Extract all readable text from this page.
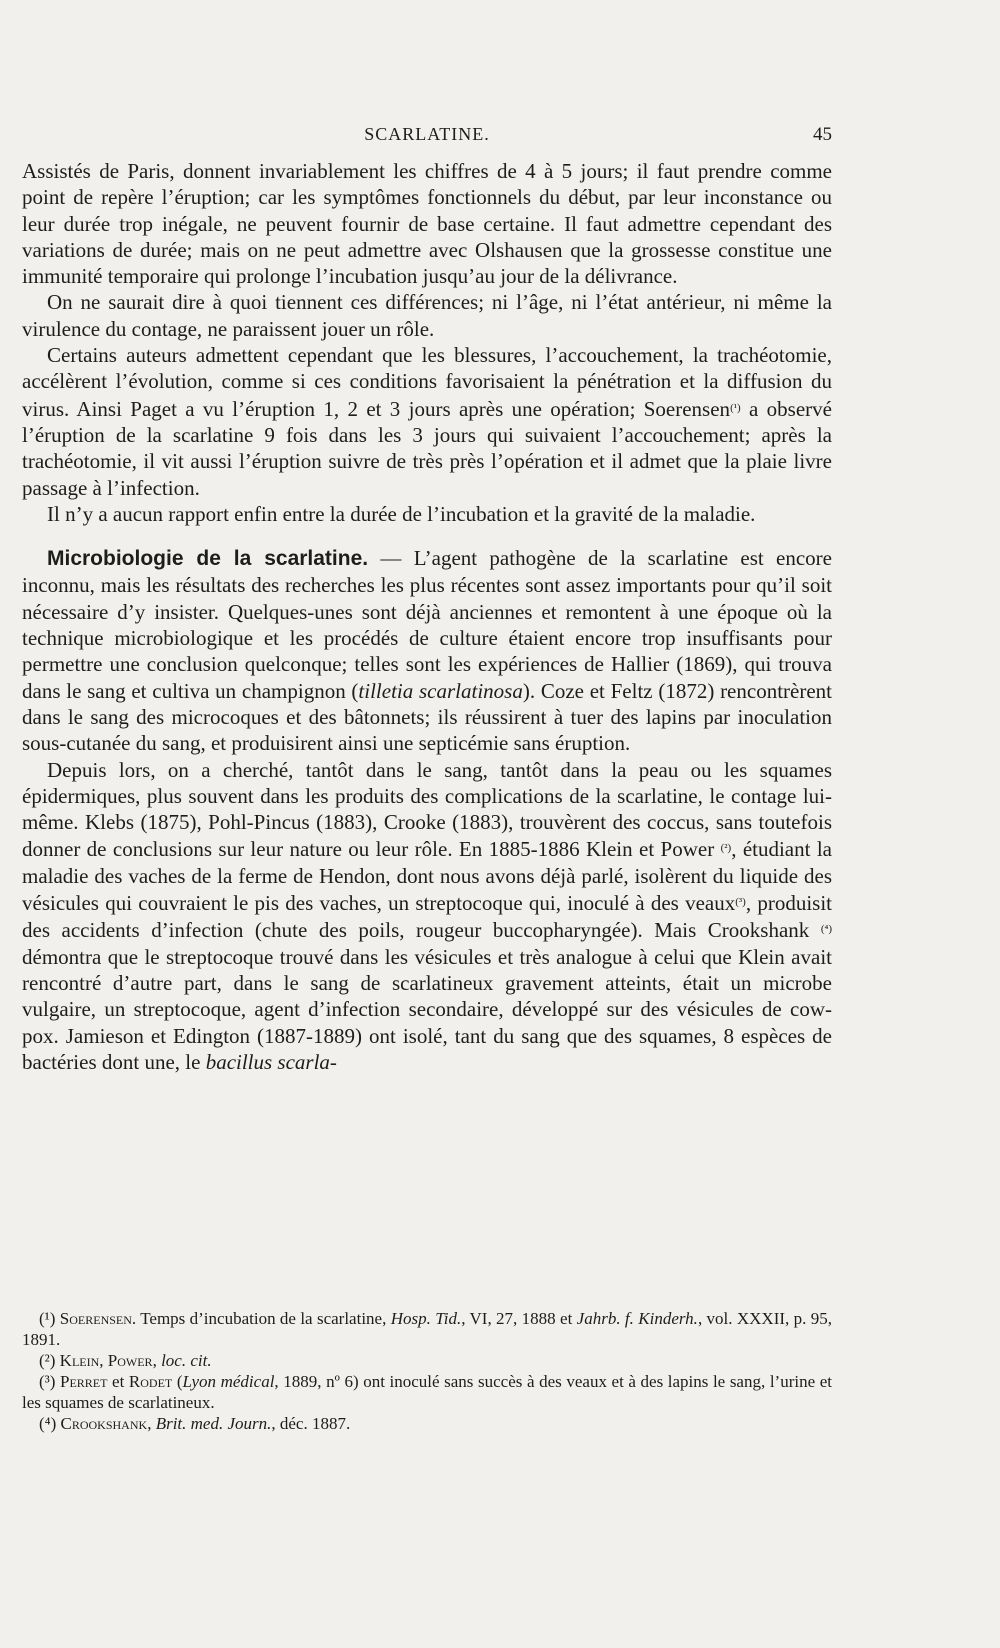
SCARLATINE.	45

Assistés de Paris, donnent invariablement les chiffres de 4 à 5 jours; il faut prendre comme point de repère l’éruption; car les symptômes fonctionnels du début, par leur inconstance ou leur durée trop inégale, ne peuvent fournir de base certaine. Il faut admettre cependant des variations de durée; mais on ne peut admettre avec Olshausen que la grossesse constitue une immunité temporaire qui prolonge l’incubation jusqu’au jour de la délivrance.

On ne saurait dire à quoi tiennent ces différences; ni l’âge, ni l’état antérieur, ni même la virulence du contage, ne paraissent jouer un rôle.

Certains auteurs admettent cependant que les blessures, l’accouchement, la trachéotomie, accélèrent l’évolution, comme si ces conditions favorisaient la pénétration et la diffusion du virus. Ainsi Paget a vu l’éruption 1, 2 et 3 jours après une opération; Soerensen$^{(^1)}$ a observé l’éruption de la scarlatine 9 fois dans les 3 jours qui suivaient l’accouchement; après la trachéotomie, il vit aussi l’éruption suivre de très près l’opération et il admet que la plaie livre passage à l’infection.

Il n’y a aucun rapport enfin entre la durée de l’incubation et la gravité de la maladie.

Microbiologie de la scarlatine. — L’agent pathogène de la scarlatine est encore inconnu, mais les résultats des recherches les plus récentes sont assez importants pour qu’il soit nécessaire d’y insister. Quelques-unes sont déjà anciennes et remontent à une époque où la technique microbiologique et les procédés de culture étaient encore trop insuffisants pour permettre une conclusion quelconque; telles sont les expériences de Hallier (1869), qui trouva dans le sang et cultiva un champignon (tilletia scarlatinosa). Coze et Feltz (1872) rencontrèrent dans le sang des microcoques et des bâtonnets; ils réussirent à tuer des lapins par inoculation sous-cutanée du sang, et produisirent ainsi une septicémie sans éruption.

Depuis lors, on a cherché, tantôt dans le sang, tantôt dans la peau ou les squames épidermiques, plus souvent dans les produits des complications de la scarlatine, le contage lui-même. Klebs (1875), Pohl-Pincus (1883), Crooke (1883), trouvèrent des coccus, sans toutefois donner de conclusions sur leur nature ou leur rôle. En 1885-1886 Klein et Power $^{(^2)}$, étudiant la maladie des vaches de la ferme de Hendon, dont nous avons déjà parlé, isolèrent du liquide des vésicules qui couvraient le pis des vaches, un streptocoque qui, inoculé à des veaux$^{(^3)}$, produisit des accidents d’infection (chute des poils, rougeur buccopharyngée). Mais Crookshank $^{(^4)}$ démontra que le streptocoque trouvé dans les vésicules et très analogue à celui que Klein avait rencontré d’autre part, dans le sang de scarlatineux gravement atteints, était un microbe vulgaire, un streptocoque, agent d’infection secondaire, développé sur des vésicules de cow-pox. Jamieson et Edington (1887-1889) ont isolé, tant du sang que des squames, 8 espèces de bactéries dont une, le bacillus scarla-

(¹) Soerensen. Temps d’incubation de la scarlatine, Hosp. Tid., VI, 27, 1888 et Jahrb. f. Kinderh., vol. XXXII, p. 95, 1891.

(²) Klein, Power, loc. cit.

(³) Perret et Rodet (Lyon médical, 1889, nº 6) ont inoculé sans succès à des veaux et à des lapins le sang, l’urine et les squames de scarlatineux.

(⁴) Crookshank, Brit. med. Journ., déc. 1887.
